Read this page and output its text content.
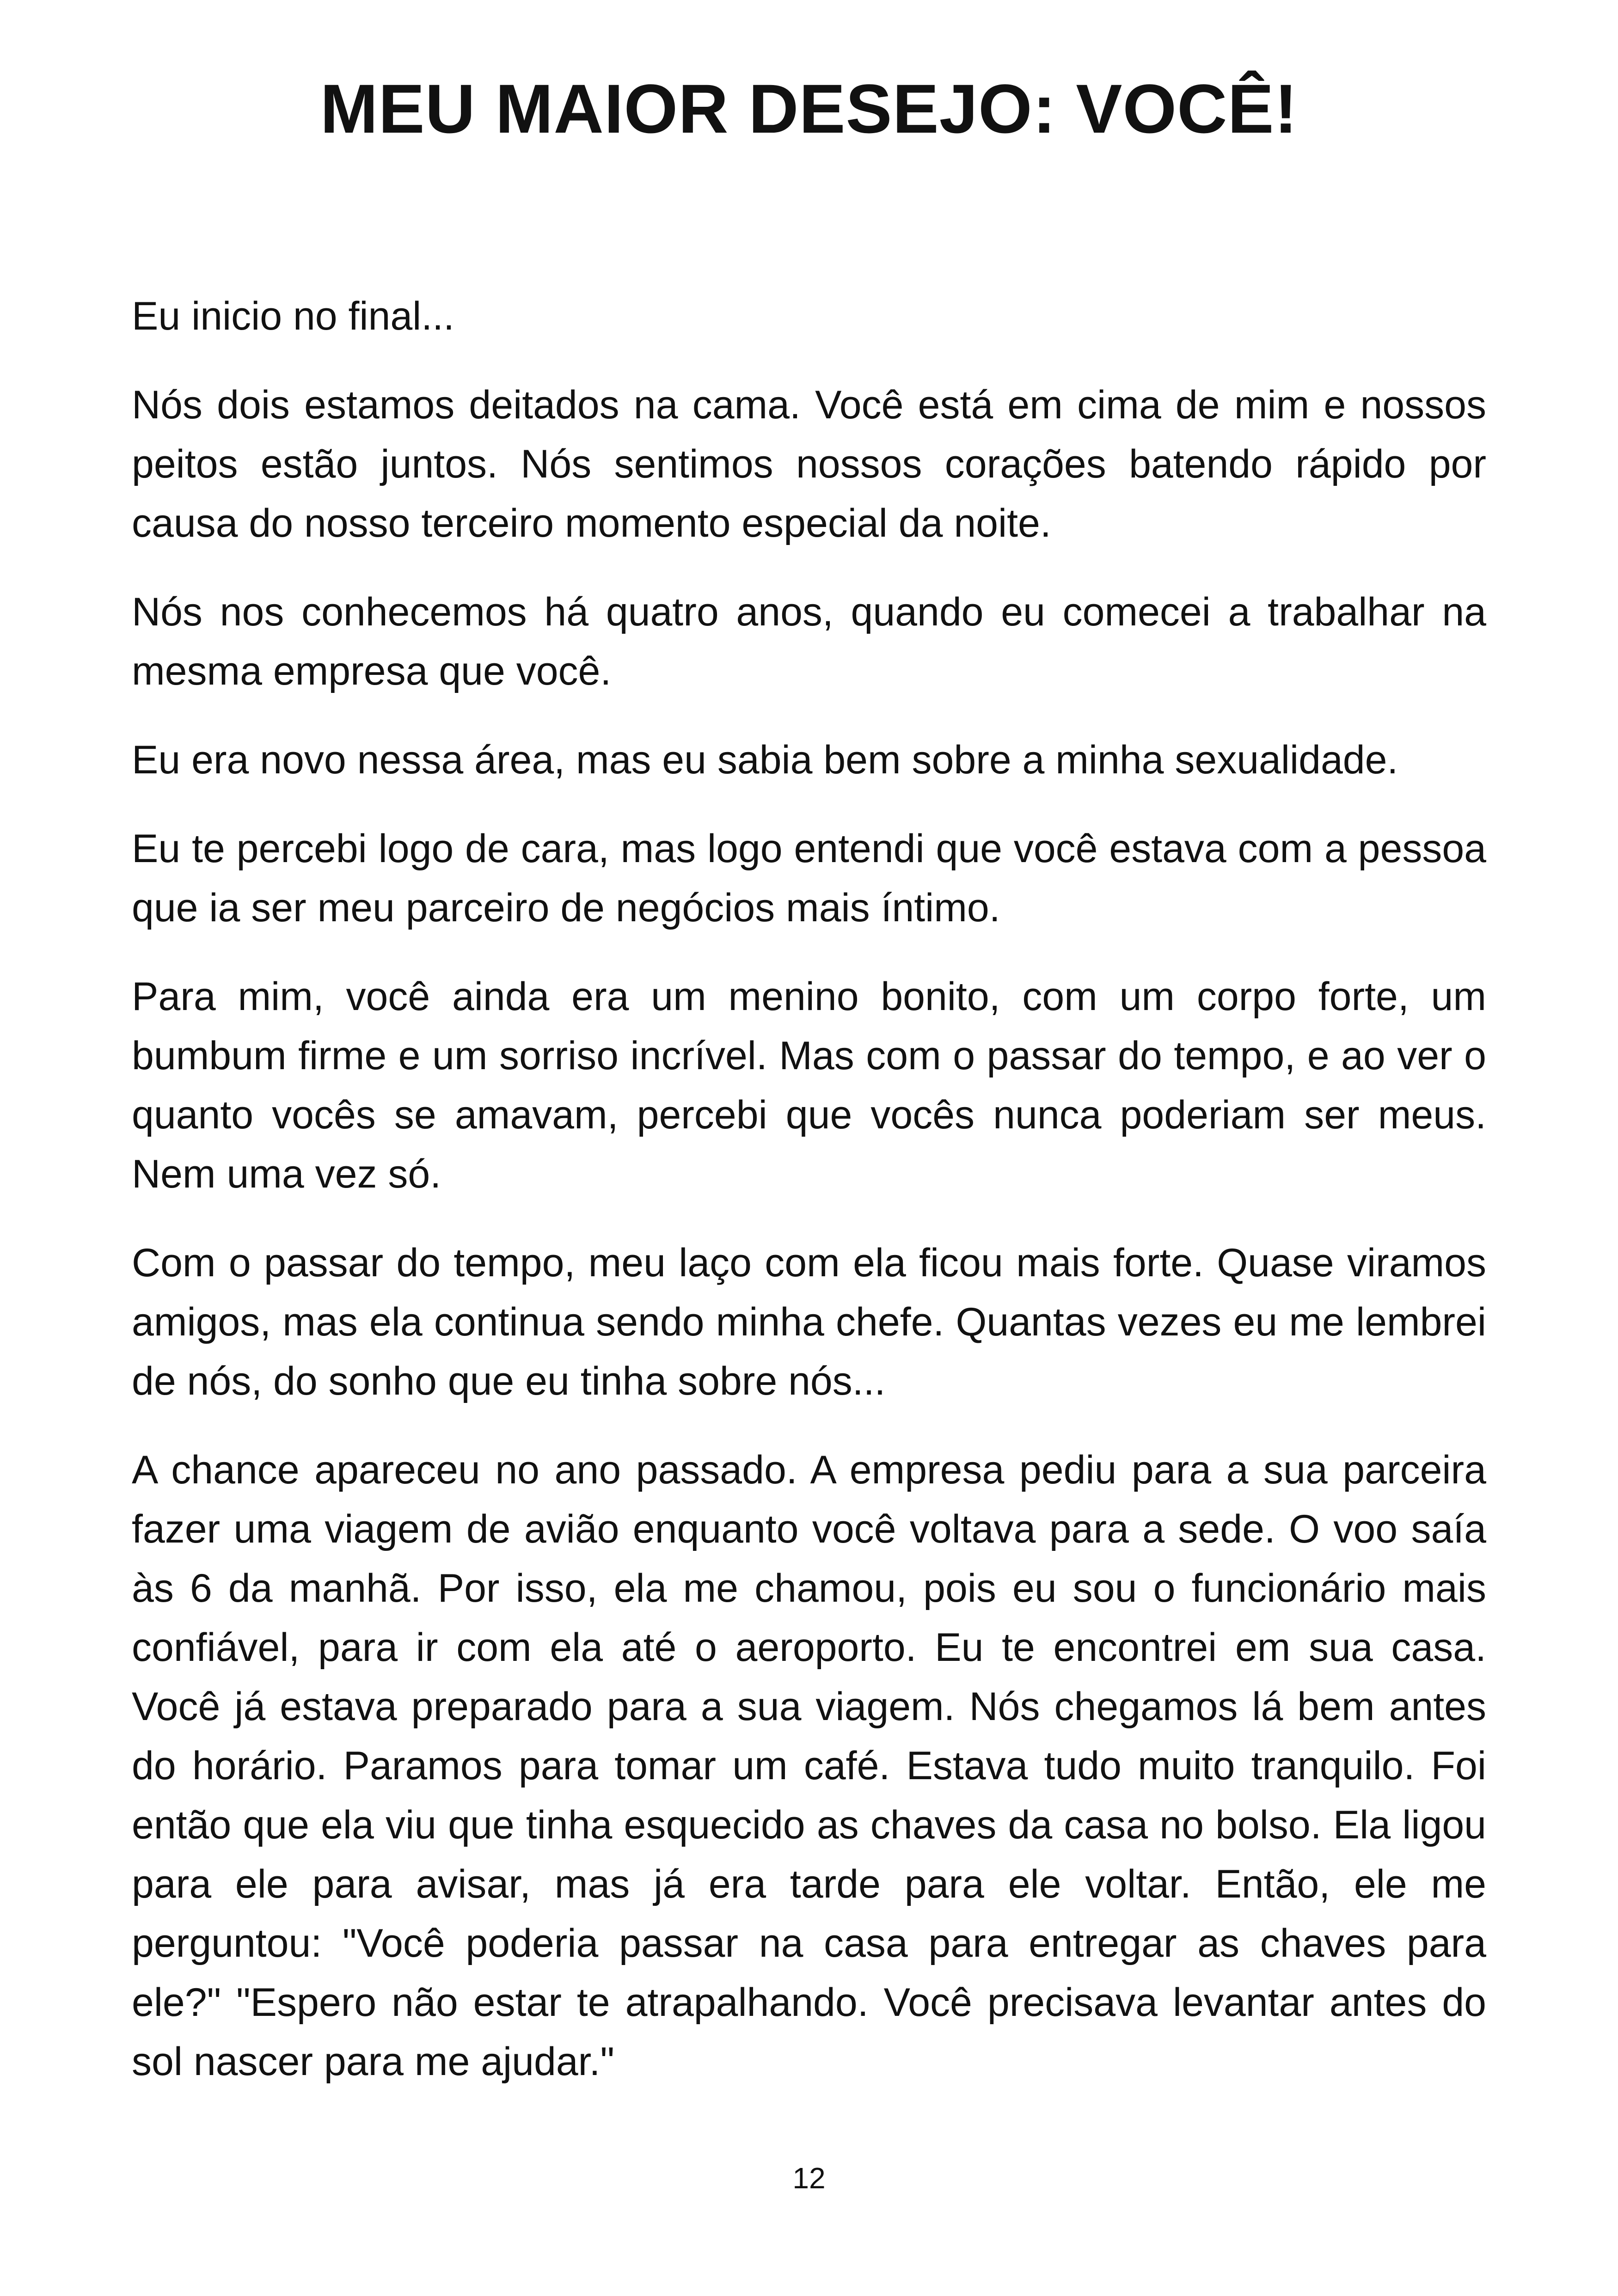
MEU MAIOR DESEJO: VOCÊ!

Eu inicio no final...

Nós dois estamos deitados na cama. Você está em cima de mim e nossos peitos estão juntos. Nós sentimos nossos corações batendo rápido por causa do nosso terceiro momento especial da noite.

Nós nos conhecemos há quatro anos, quando eu comecei a trabalhar na mesma empresa que você.

Eu era novo nessa área, mas eu sabia bem sobre a minha sexualidade.

Eu te percebi logo de cara, mas logo entendi que você estava com a pessoa que ia ser meu parceiro de negócios mais íntimo.

Para mim, você ainda era um menino bonito, com um corpo forte, um bumbum firme e um sorriso incrível. Mas com o passar do tempo, e ao ver o quanto vocês se amavam, percebi que vocês nunca poderiam ser meus. Nem uma vez só.

Com o passar do tempo, meu laço com ela ficou mais forte. Quase viramos amigos, mas ela continua sendo minha chefe. Quantas vezes eu me lembrei de nós, do sonho que eu tinha sobre nós...

A chance apareceu no ano passado. A empresa pediu para a sua parceira fazer uma viagem de avião enquanto você voltava para a sede. O voo saía às 6 da manhã. Por isso, ela me chamou, pois eu sou o funcionário mais confiável, para ir com ela até o aeroporto. Eu te encontrei em sua casa. Você já estava preparado para a sua viagem. Nós chegamos lá bem antes do horário. Paramos para tomar um café. Estava tudo muito tranquilo. Foi então que ela viu que tinha esquecido as chaves da casa no bolso. Ela ligou para ele para avisar, mas já era tarde para ele voltar. Então, ele me perguntou: "Você poderia passar na casa para entregar as chaves para ele?" "Espero não estar te atrapalhando. Você precisava levantar antes do sol nascer para me ajudar."

12
